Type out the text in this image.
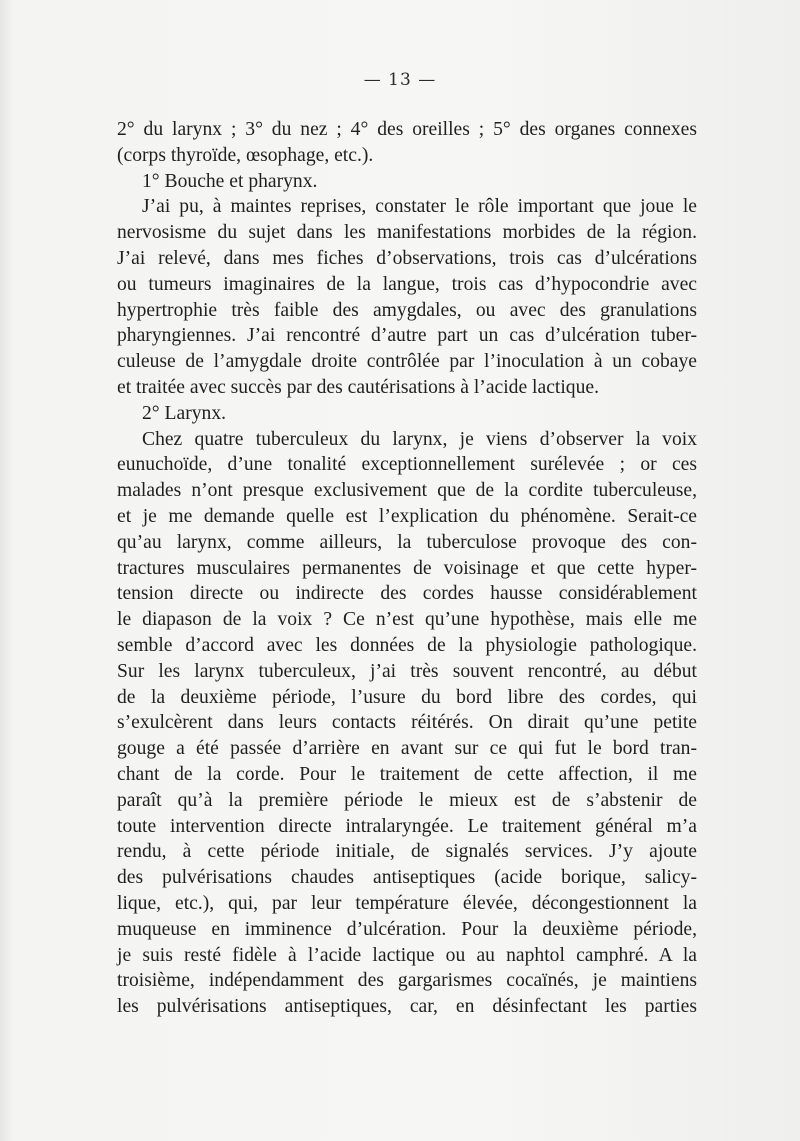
— 13 —
2° du larynx ; 3° du nez ; 4° des oreilles ; 5° des organes connexes
(corps thyroïde, œsophage, etc.).
1° Bouche et pharynx.
J’ai pu, à maintes reprises, constater le rôle important que joue le
nervosisme du sujet dans les manifestations morbides de la région.
J’ai relevé, dans mes fiches d’observations, trois cas d’ulcérations
ou tumeurs imaginaires de la langue, trois cas d’hypocondrie avec
hypertrophie très faible des amygdales, ou avec des granulations
pharyngiennes. J’ai rencontré d’autre part un cas d’ulcération tuber-
culeuse de l’amygdale droite contrôlée par l’inoculation à un cobaye
et traitée avec succès par des cautérisations à l’acide lactique.
2° Larynx.
Chez quatre tuberculeux du larynx, je viens d’observer la voix
eunuchoïde, d’une tonalité exceptionnellement surélevée ; or ces
malades n’ont presque exclusivement que de la cordite tuberculeuse,
et je me demande quelle est l’explication du phénomène. Serait-ce
qu’au larynx, comme ailleurs, la tuberculose provoque des con-
tractures musculaires permanentes de voisinage et que cette hyper-
tension directe ou indirecte des cordes hausse considérablement
le diapason de la voix ? Ce n’est qu’une hypothèse, mais elle me
semble d’accord avec les données de la physiologie pathologique.
Sur les larynx tuberculeux, j’ai très souvent rencontré, au début
de la deuxième période, l’usure du bord libre des cordes, qui
s’exulcèrent dans leurs contacts réitérés. On dirait qu’une petite
gouge a été passée d’arrière en avant sur ce qui fut le bord tran-
chant de la corde. Pour le traitement de cette affection, il me
paraît qu’à la première période le mieux est de s’abstenir de
toute intervention directe intralaryngée. Le traitement général m’a
rendu, à cette période initiale, de signalés services. J’y ajoute
des pulvérisations chaudes antiseptiques (acide borique, salicy-
lique, etc.), qui, par leur température élevée, décongestionnent la
muqueuse en imminence d’ulcération. Pour la deuxième période,
je suis resté fidèle à l’acide lactique ou au naphtol camphré. A la
troisième, indépendamment des gargarismes cocaïnés, je maintiens
les pulvérisations antiseptiques, car, en désinfectant les parties
